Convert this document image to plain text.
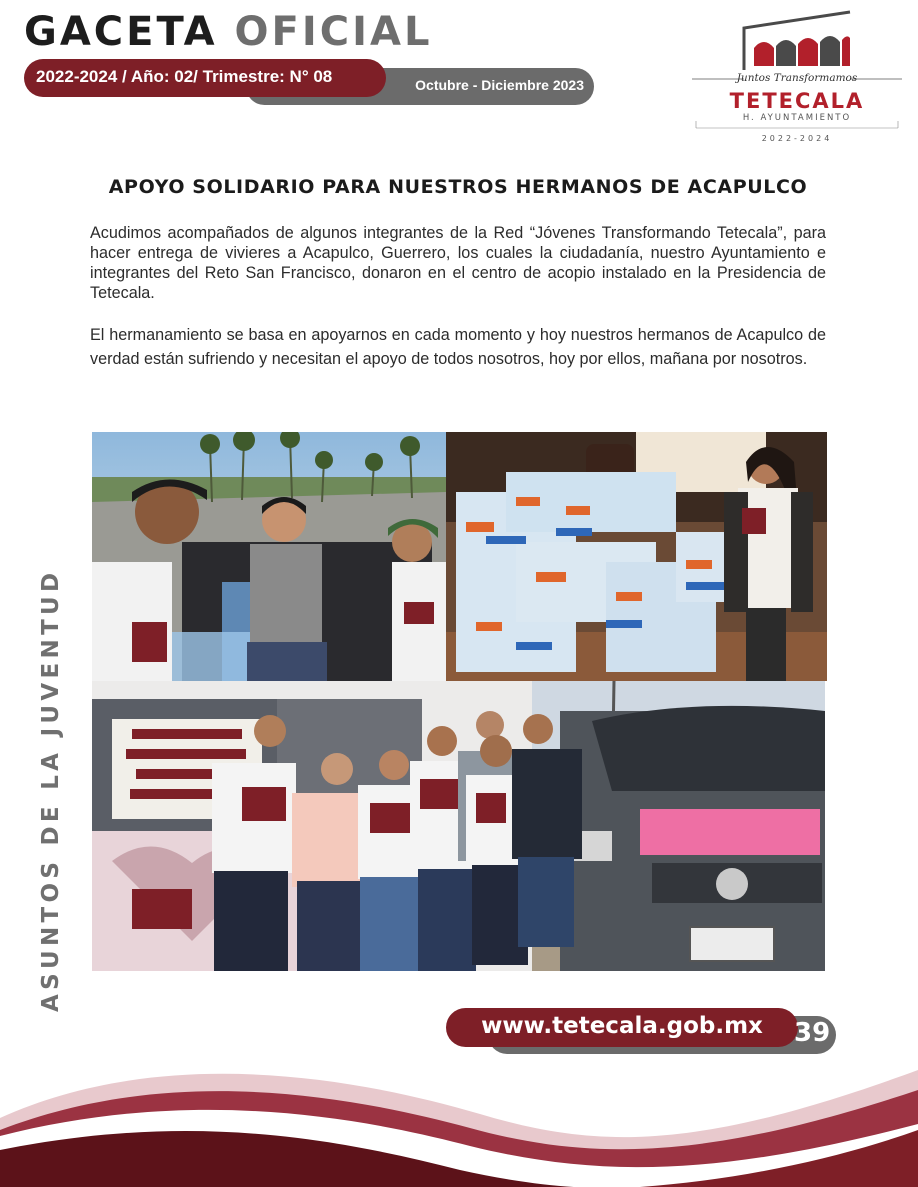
GACETA OFICIAL
Octubre - Diciembre 2023
2022-2024 / Año: 02/ Trimestre: N° 08	Juntos Transformamos
TETECALA
H. AYUNTAMIENTO
2022-2024
APOYO SOLIDARIO PARA NUESTROS HERMANOS DE ACAPULCO

Acudimos acompañados de algunos integrantes de la Red “Jóvenes Transformando Tetecala”, para hacer entrega de vivieres a Acapulco, Guerrero, los cuales la ciudadanía, nuestro Ayuntamiento e integrantes del Reto San Francisco, donaron en el centro de acopio instalado en la Presidencia de Tetecala.

El hermanamiento se basa en apoyarnos en cada momento y hoy nuestros hermanos de Acapulco de verdad están sufriendo y necesitan el apoyo de todos nosotros, hoy por ellos, mañana por nosotros.

ASUNTOS DE LA JUVENTUD
www.tetecala.gob.mx	39
